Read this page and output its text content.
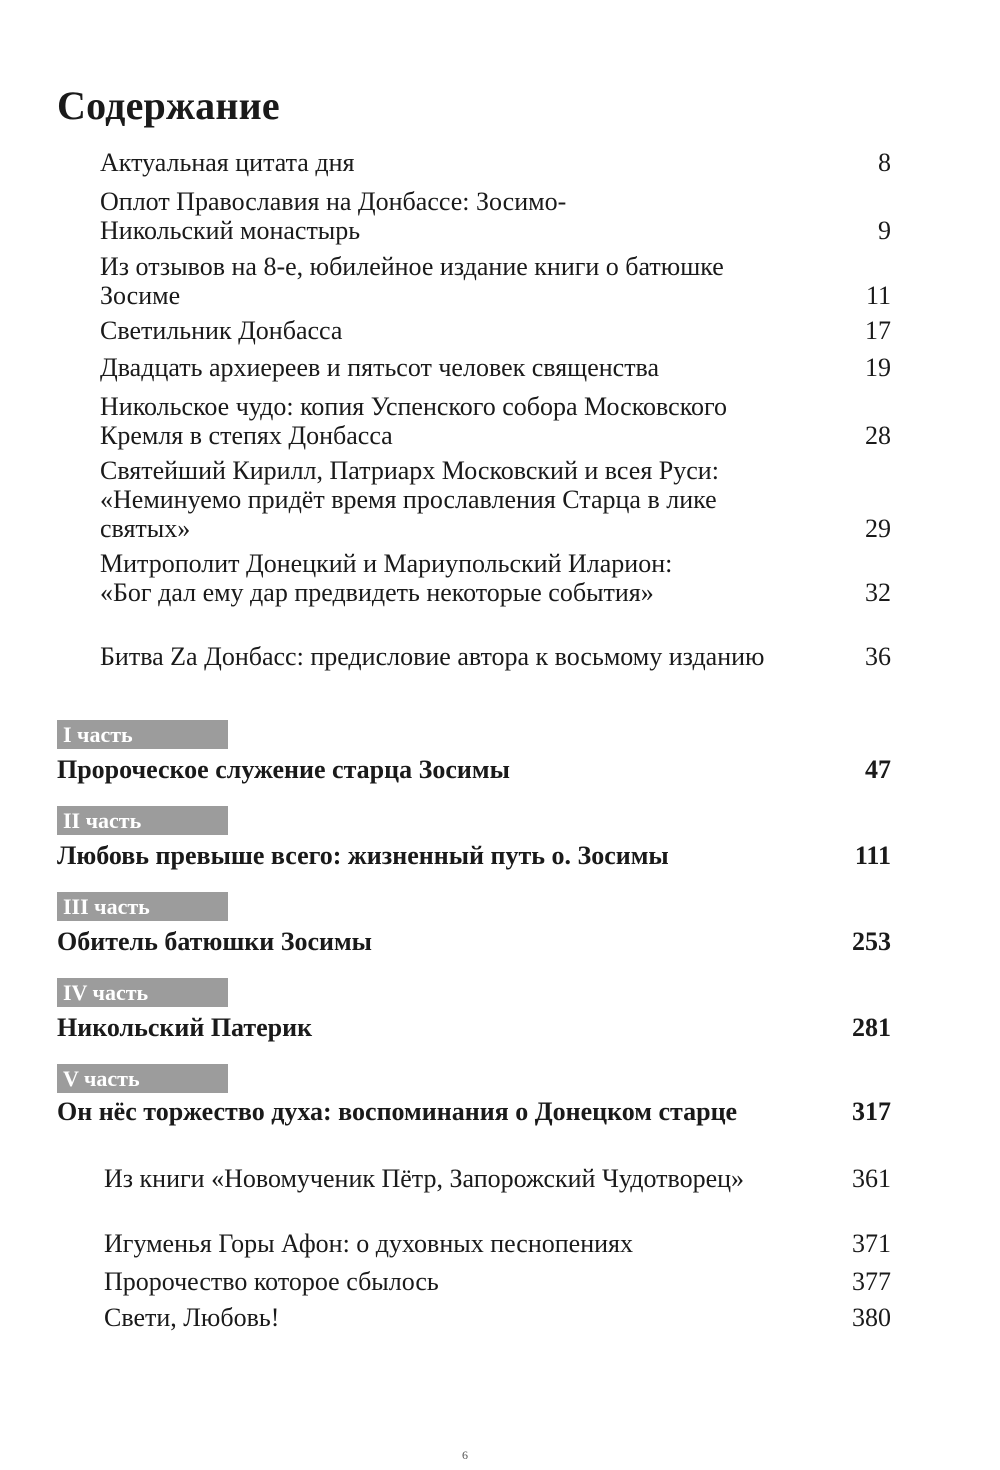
Содержание
Актуальная цитата дня	8
Оплот Православия на Донбассе: Зосимо-Никольский монастырь	9
Из отзывов на 8-е, юбилейное издание книги о батюшке Зосиме	11
Светильник Донбасса	17
Двадцать архиереев и пятьсот человек священства	19
Никольское чудо: копия Успенского собора Московского Кремля в степях Донбасса	28
Святейший Кирилл, Патриарх Московский и всея Руси: «Неминуемо придёт время прославления Старца в лике святых»	29
Митрополит Донецкий и Мариупольский Иларион: «Бог дал ему дар предвидеть некоторые события»	32
Битва Zа Донбасс: предисловие автора к восьмому изданию	36
I часть
Пророческое служение старца Зосимы	47
II часть
Любовь превыше всего: жизненный путь о. Зосимы	111
III часть
Обитель батюшки Зосимы	253
IV часть
Никольский Патерик	281
V часть
Он нёс торжество духа: воспоминания о Донецком старце	317
Из книги «Новомученик Пётр, Запорожский Чудотворец»	361
Игуменья Горы Афон: о духовных песнопениях	371
Пророчество которое сбылось	377
Свети, Любовь!	380
6
